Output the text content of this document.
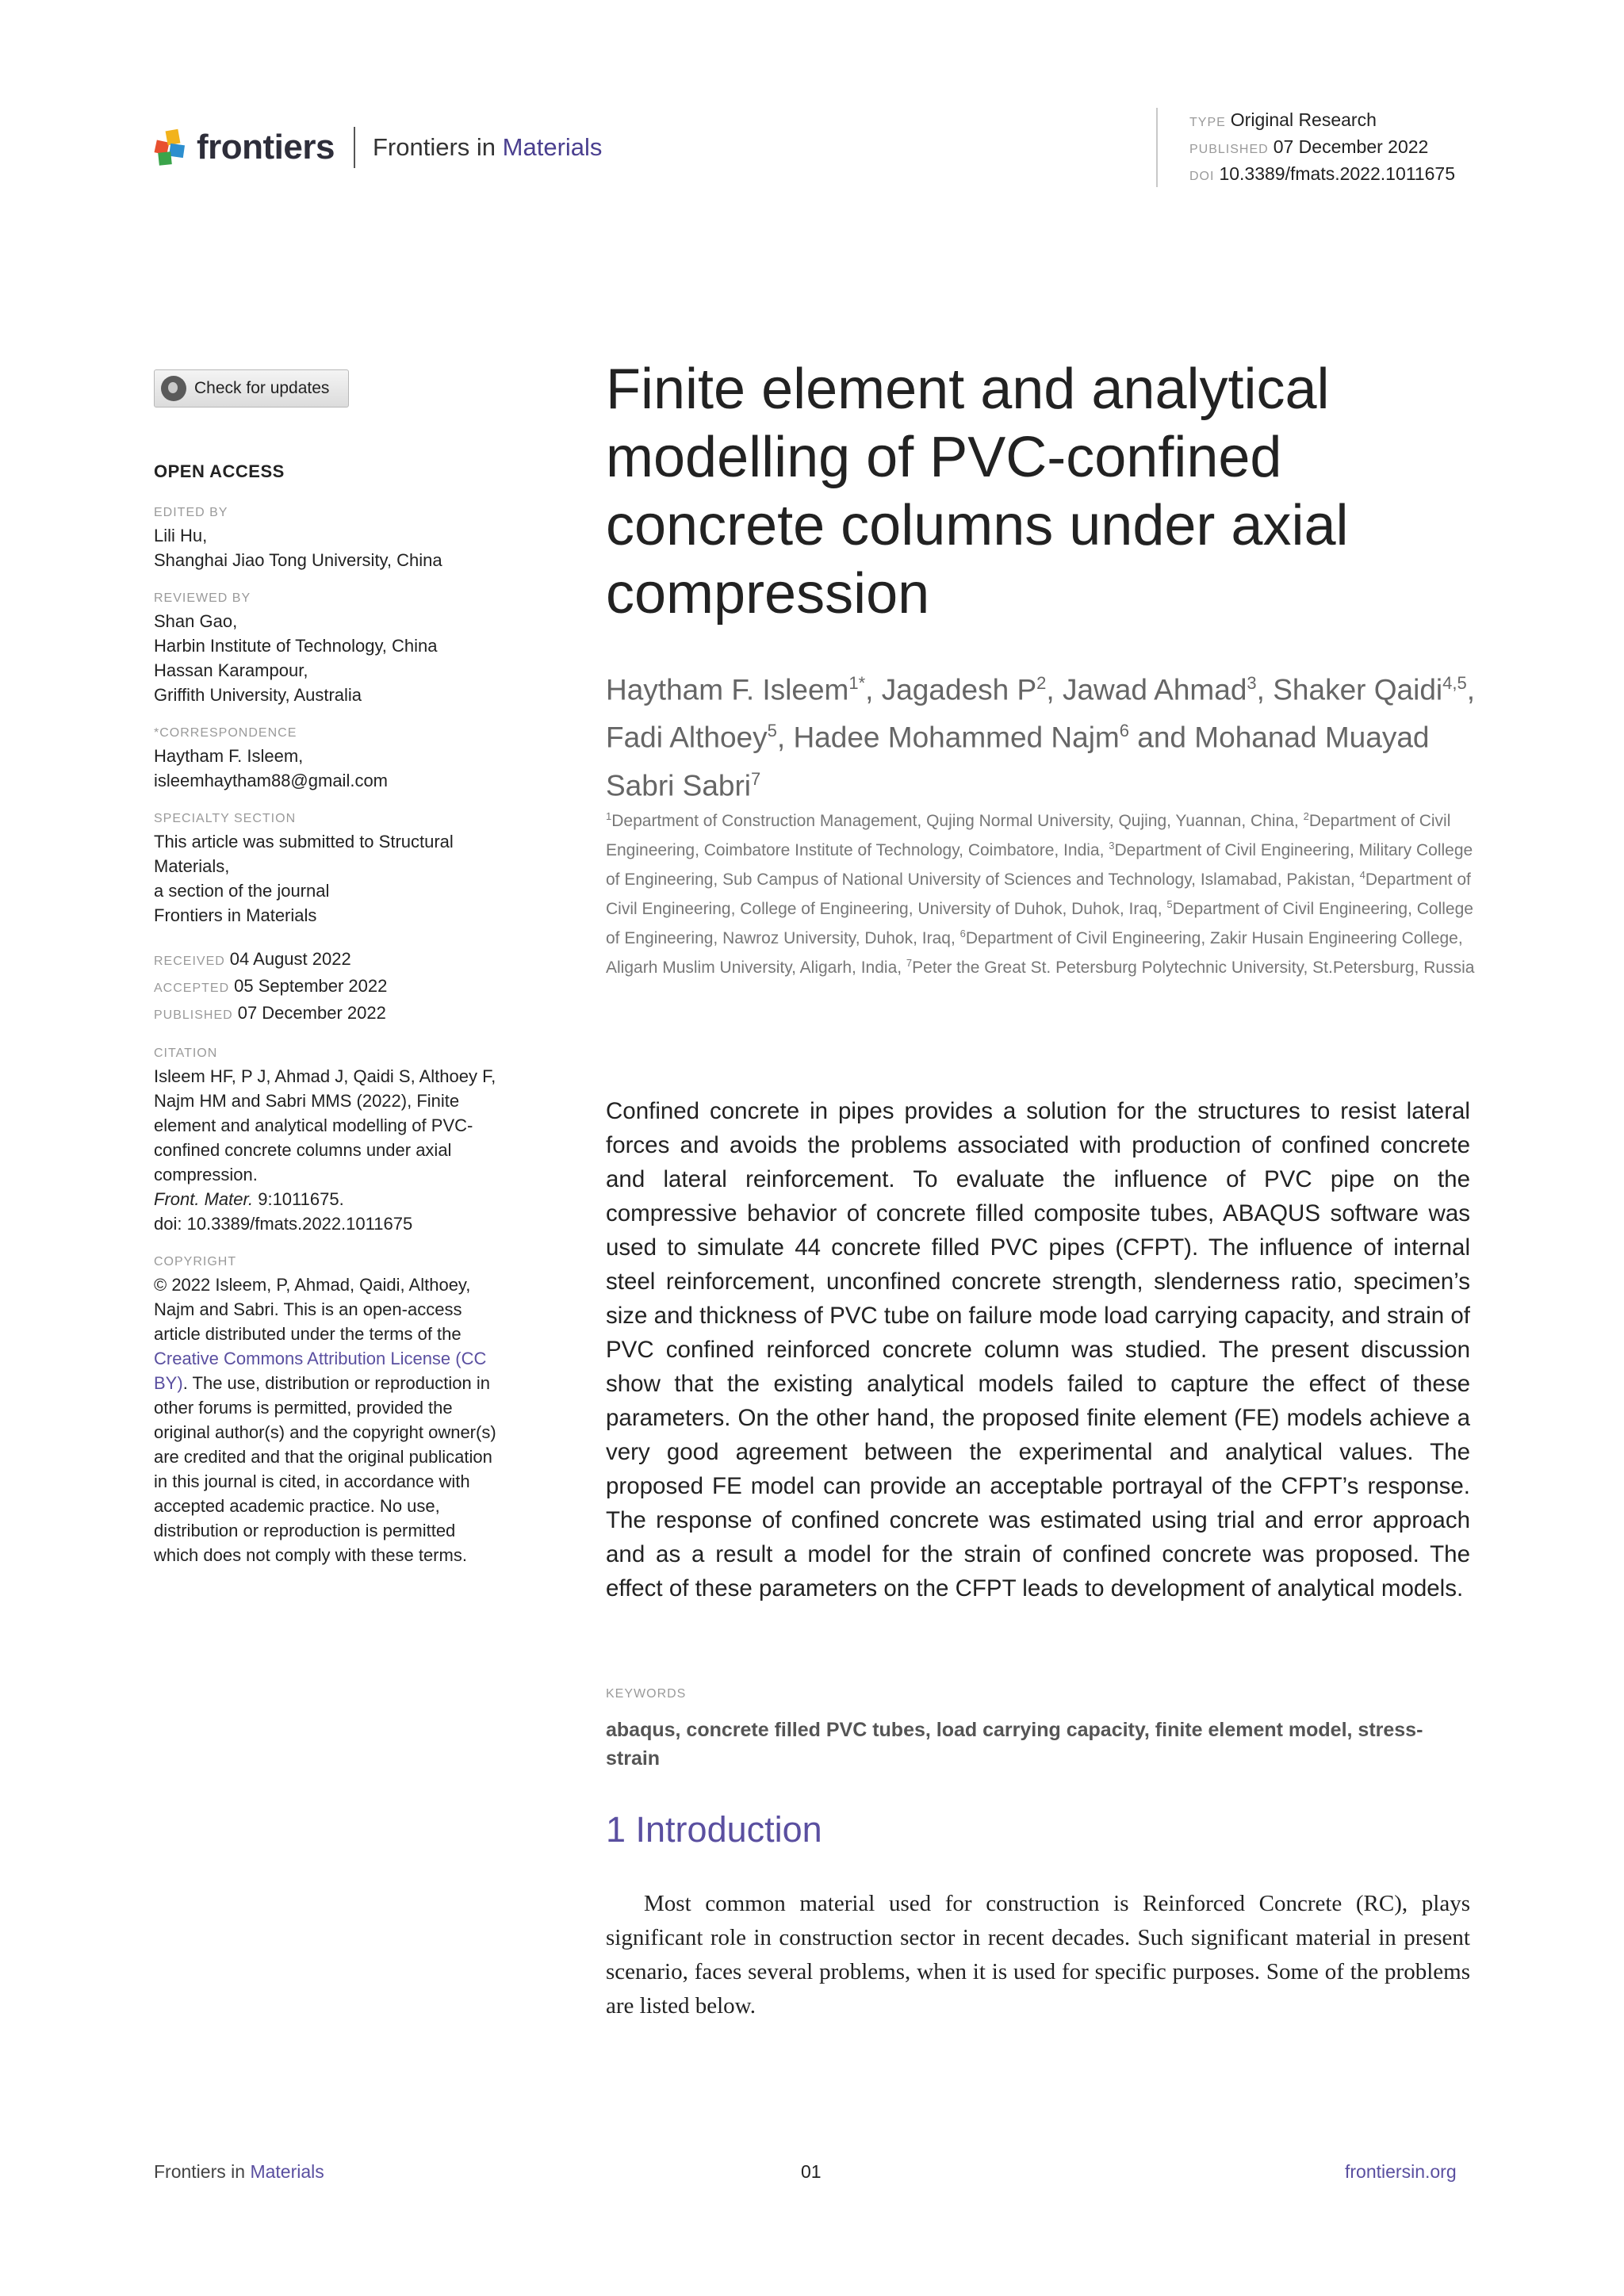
frontiers Frontiers in Materials
TYPE Original Research
PUBLISHED 07 December 2022
DOI 10.3389/fmats.2022.1011675
Check for updates
OPEN ACCESS
EDITED BY
Lili Hu,
Shanghai Jiao Tong University, China
REVIEWED BY
Shan Gao,
Harbin Institute of Technology, China
Hassan Karampour,
Griffith University, Australia
*CORRESPONDENCE
Haytham F. Isleem,
isleemhaytham88@gmail.com
SPECIALTY SECTION
This article was submitted to Structural Materials,
a section of the journal
Frontiers in Materials
RECEIVED 04 August 2022
ACCEPTED 05 September 2022
PUBLISHED 07 December 2022
CITATION
Isleem HF, P J, Ahmad J, Qaidi S, Althoey F, Najm HM and Sabri MMS (2022), Finite element and analytical modelling of PVC-confined concrete columns under axial compression.
Front. Mater. 9:1011675.
doi: 10.3389/fmats.2022.1011675
COPYRIGHT
© 2022 Isleem, P, Ahmad, Qaidi, Althoey, Najm and Sabri. This is an open-access article distributed under the terms of the Creative Commons Attribution License (CC BY). The use, distribution or reproduction in other forums is permitted, provided the original author(s) and the copyright owner(s) are credited and that the original publication in this journal is cited, in accordance with accepted academic practice. No use, distribution or reproduction is permitted which does not comply with these terms.
Finite element and analytical modelling of PVC-confined concrete columns under axial compression
Haytham F. Isleem$^{1*}$, Jagadesh $P^2$, Jawad Ahmad$^3$, Shaker Qaidi$^{4,5}$, Fadi Althoey$^5$, Hadee Mohammed Najm$^6$ and Mohanad Muayad Sabri Sabri$^7$
$^1$Department of Construction Management, Qujing Normal University, Qujing, Yuannan, China, $^2$Department of Civil Engineering, Coimbatore Institute of Technology, Coimbatore, India, $^3$Department of Civil Engineering, Military College of Engineering, Sub Campus of National University of Sciences and Technology, Islamabad, Pakistan, $^4$Department of Civil Engineering, College of Engineering, University of Duhok, Duhok, Iraq, $^5$Department of Civil Engineering, College of Engineering, Nawroz University, Duhok, Iraq, $^6$Department of Civil Engineering, Zakir Husain Engineering College, Aligarh Muslim University, Aligarh, India, $^7$Peter the Great St. Petersburg Polytechnic University, St.Petersburg, Russia
Confined concrete in pipes provides a solution for the structures to resist lateral forces and avoids the problems associated with production of confined concrete and lateral reinforcement. To evaluate the influence of PVC pipe on the compressive behavior of concrete filled composite tubes, ABAQUS software was used to simulate 44 concrete filled PVC pipes (CFPT). The influence of internal steel reinforcement, unconfined concrete strength, slenderness ratio, specimen’s size and thickness of PVC tube on failure mode load carrying capacity, and strain of PVC confined reinforced concrete column was studied. The present discussion show that the existing analytical models failed to capture the effect of these parameters. On the other hand, the proposed finite element (FE) models achieve a very good agreement between the experimental and analytical values. The proposed FE model can provide an acceptable portrayal of the CFPT’s response. The response of confined concrete was estimated using trial and error approach and as a result a model for the strain of confined concrete was proposed. The effect of these parameters on the CFPT leads to development of analytical models.
KEYWORDS
abaqus, concrete filled PVC tubes, load carrying capacity, finite element model, stress-strain
1 Introduction
Most common material used for construction is Reinforced Concrete (RC), plays significant role in construction sector in recent decades. Such significant material in present scenario, faces several problems, when it is used for specific purposes. Some of the problems are listed below.
Frontiers in Materials	01	frontiersin.org
